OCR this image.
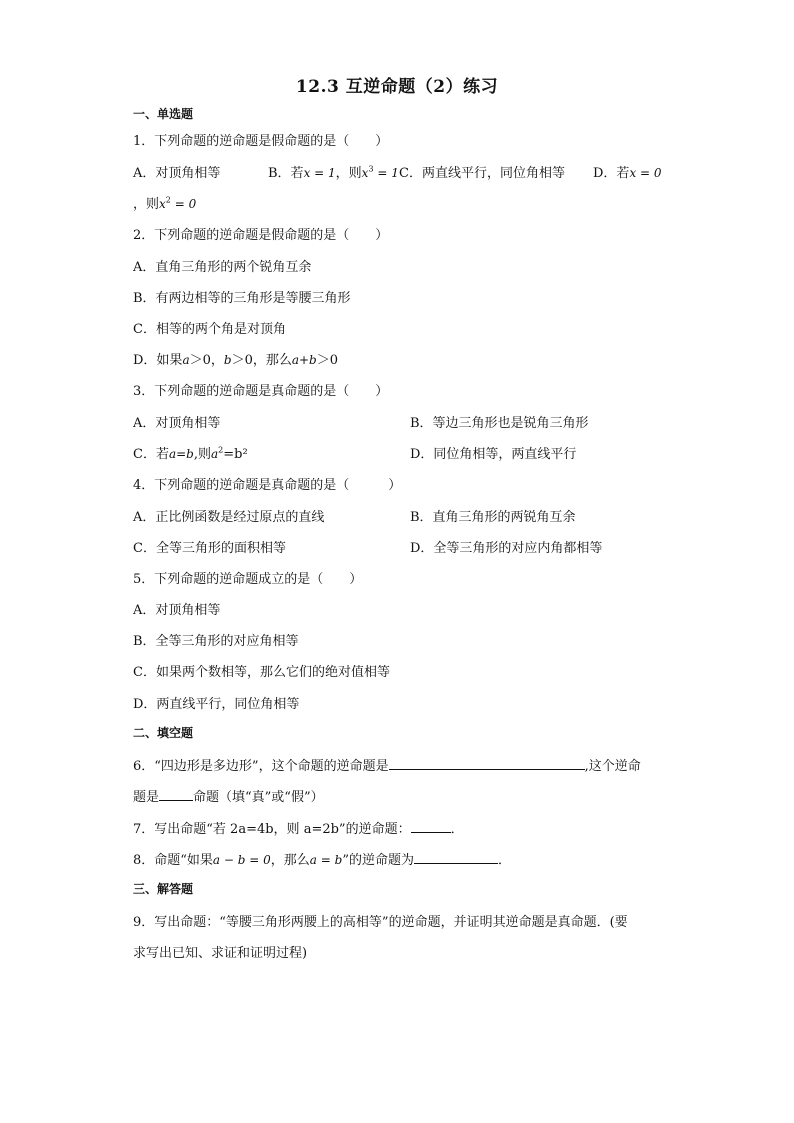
12.3 互逆命题（2）练习
一、单选题
1．下列命题的逆命题是假命题的是（　　）
A．对顶角相等	B．若x = 1，则$x^3 = 1$ C．两直线平行，同位角相等 D．若x = 0
，则$x^2 = 0$
2．下列命题的逆命题是假命题的是（　　）
A．直角三角形的两个锐角互余
B．有两边相等的三角形是等腰三角形
C．相等的两个角是对顶角
D．如果a＞0，b＞0，那么a+b＞0
3．下列命题的逆命题是真命题的是（　　）
A．对顶角相等	B．等边三角形也是锐角三角形
C．若a=b,则$a^2=b^2$	D．同位角相等，两直线平行
4．下列命题的逆命题是真命题的是（　　　）
A．正比例函数是经过原点的直线	B．直角三角形的两锐角互余
C．全等三角形的面积相等	D．全等三角形的对应内角都相等
5．下列命题的逆命题成立的是（　　）
A．对顶角相等
B．全等三角形的对应角相等
C．如果两个数相等，那么它们的绝对值相等
D．两直线平行，同位角相等
二、填空题
6．“四边形是多边形”，这个命题的逆命题是	,这个逆命
题是	命题（填“真”或“假”）
7．写出命题“若 2a=4b，则 a=2b”的逆命题：	．
8．命题“如果a − b = 0，那么a = b”的逆命题为	．
三、解答题
9．写出命题：“等腰三角形两腰上的高相等”的逆命题，并证明其逆命题是真命题．(要
求写出已知、求证和证明过程)
